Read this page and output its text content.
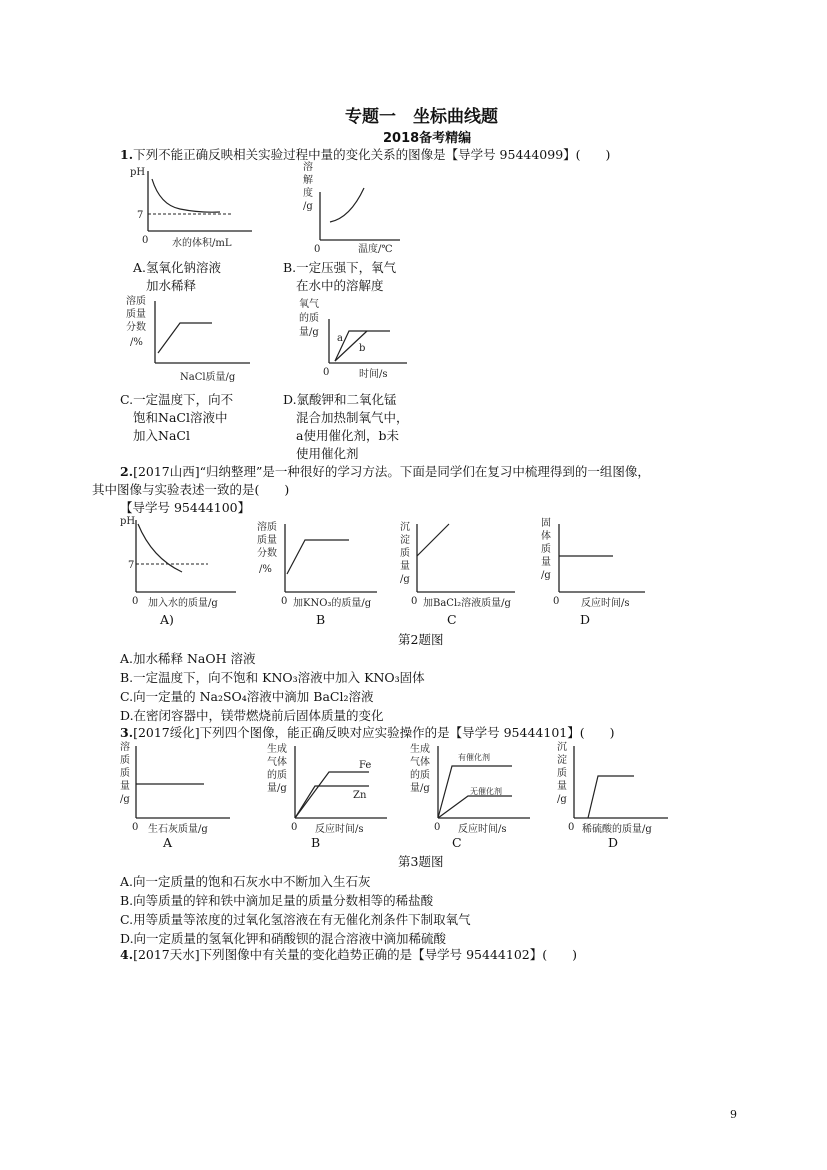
专题一　坐标曲线题
2018备考精编
1.下列不能正确反映相关实验过程中量的变化关系的图像是【导学号 95444099】(　　)
pH
7
0 水的体积/mL
A.氢氧化钠溶液
加水稀释
溶
解
度
/g
0	温度/℃
B.一定压强下，氧气
在水中的溶解度
溶质
质量
分数
/%
NaCl质量/g
C.一定温度下，向不
饱和NaCl溶液中
加入NaCl
a
b
氧气
的质
量/g
0	时间/s
D.氯酸钾和二氧化锰
混合加热制氧气中，
a使用催化剂，b未
使用催化剂
2.[2017山西]“归纳整理”是一种很好的学习方法。下面是同学们在复习中梳理得到的一组图像，
其中图像与实验表述一致的是(　　)
【导学号 95444100】
pH
7
0 加入水的质量/g
A)
溶质
质量
分数
/%
0 加KNO₃的质量/g
B
沉
淀
质
量
/g
0 加BaCl₂溶液质量/g
C
固
体
质
量
/g
0 反应时间/s
D
第2题图
A.加水稀释 NaOH 溶液
B.一定温度下，向不饱和 KNO₃溶液中加入 KNO₃固体
C.向一定量的 Na₂SO₄溶液中滴加 BaCl₂溶液
D.在密闭容器中，镁带燃烧前后固体质量的变化
3.[2017绥化]下列四个图像，能正确反映对应实验操作的是【导学号 95444101】(　　)
溶
质
质
量
/g
0 生石灰质量/g
A
Fe
Zn
生成
气体
的质
量/g
0 反应时间/s
B
有催化剂
无催化剂
生成
气体
的质
量/g
0 反应时间/s
C
沉
淀
质
量
/g
0 稀硫酸的质量/g
D
第3题图
A.向一定质量的饱和石灰水中不断加入生石灰
B.向等质量的锌和铁中滴加足量的质量分数相等的稀盐酸
C.用等质量等浓度的过氧化氢溶液在有无催化剂条件下制取氧气
D.向一定质量的氢氧化钾和硝酸钡的混合溶液中滴加稀硫酸
4.[2017天水]下列图像中有关量的变化趋势正确的是【导学号 95444102】(　　)
9
